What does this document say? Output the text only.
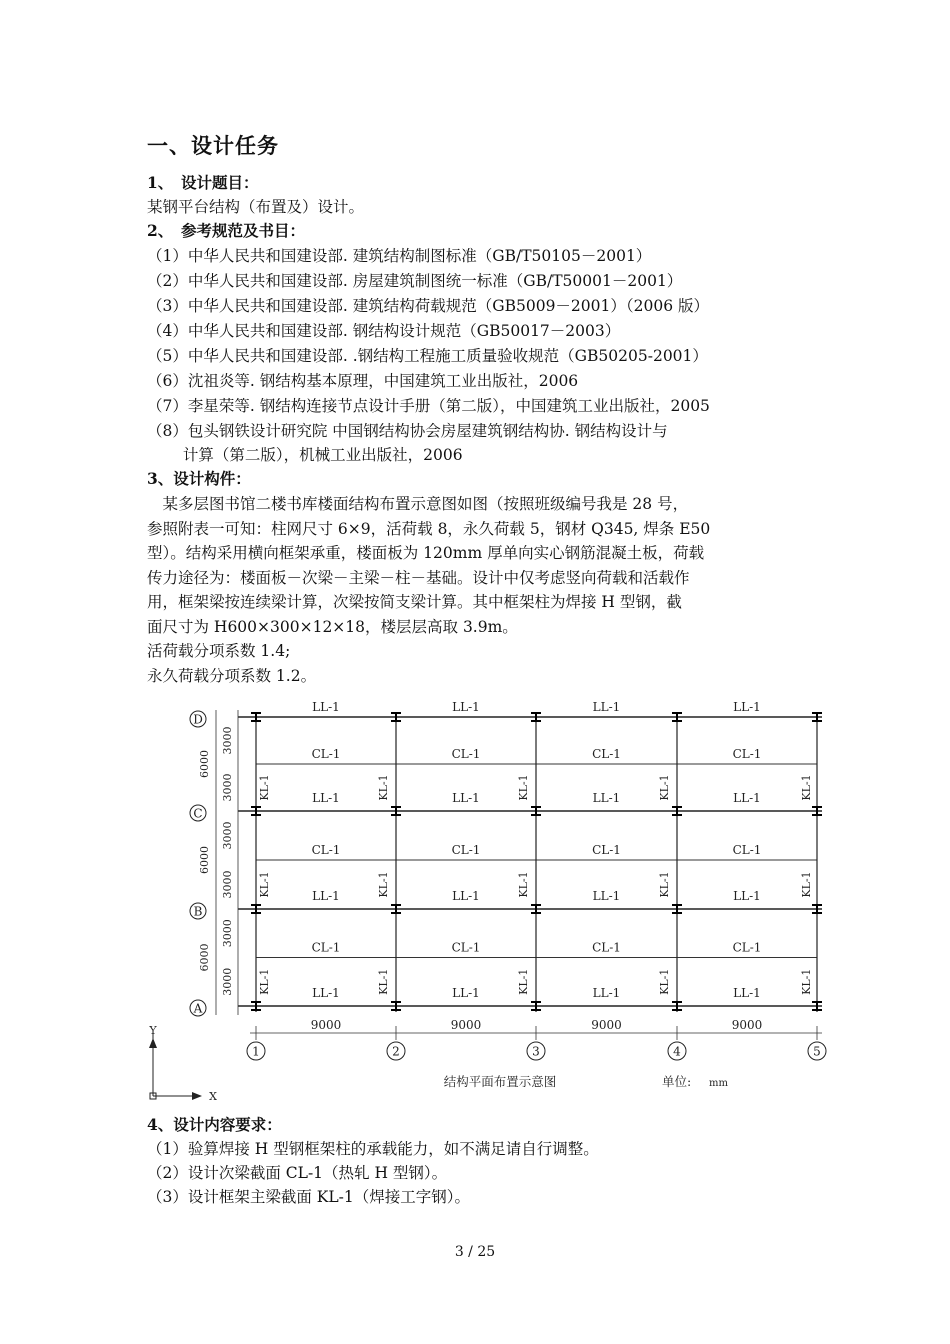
一、设计任务
1、　设计题目：
某钢平台结构（布置及）设计。
2、　参考规范及书目：
（1）中华人民共和国建设部. 建筑结构制图标准（GB/T50105－2001）
（2）中华人民共和国建设部. 房屋建筑制图统一标准（GB/T50001－2001）
（3）中华人民共和国建设部. 建筑结构荷载规范（GB5009－2001）（2006 版）
（4）中华人民共和国建设部. 钢结构设计规范（GB50017－2003）
（5）中华人民共和国建设部. .钢结构工程施工质量验收规范（GB50205-2001）
（6）沈祖炎等. 钢结构基本原理，中国建筑工业出版社，2006
（7）李星荣等. 钢结构连接节点设计手册（第二版），中国建筑工业出版社，2005
（8）包头钢铁设计研究院 中国钢结构协会房屋建筑钢结构协. 钢结构设计与
　　 计算（第二版），机械工业出版社，2006
3、设计构件：

　某多层图书馆二楼书库楼面结构布置示意图如图（按照班级编号我是 28 号，

参照附表一可知：柱网尺寸 6×9，活荷载 8，永久荷载 5，钢材 Q345, 焊条 E50

型）。结构采用横向框架承重，楼面板为 120mm 厚单向实心钢筋混凝土板，荷载

传力途径为：楼面板－次梁－主梁－柱－基础。设计中仅考虑竖向荷载和活载作

用，框架梁按连续梁计算，次梁按简支梁计算。其中框架柱为焊接 H 型钢，截

面尺寸为 H600×300×12×18，楼层层高取 3.9m。

活荷载分项系数 1.4;

永久荷载分项系数 1.2。

LL-1
LL-1
LL-1
LL-1
CL-1
CL-1
CL-1
LL-1
LL-1
LL-1
LL-1
CL-1
CL-1
CL-1
LL-1
LL-1
LL-1
LL-1
CL-1
CL-1
CL-1
LL-1
LL-1
LL-1
LL-1
CL-1
CL-1
CL-1
KL-1
KL-1
KL-1
KL-1
KL-1
KL-1
KL-1
KL-1
KL-1
KL-1
KL-1
KL-1
KL-1
KL-1
KL-1
3000
3000
6000
3000
3000
6000
3000
3000
6000
D
C
B
A
9000	9000	9000	9000
1	2	3	4	5
Y
X
结构平面布置示意图	单位: mm
4、设计内容要求：
（1）验算焊接 H 型钢框架柱的承载能力，如不满足请自行调整。
（2）设计次梁截面 CL-1（热轧 H 型钢）。
（3）设计框架主梁截面 KL-1（焊接工字钢）。
3 / 25
